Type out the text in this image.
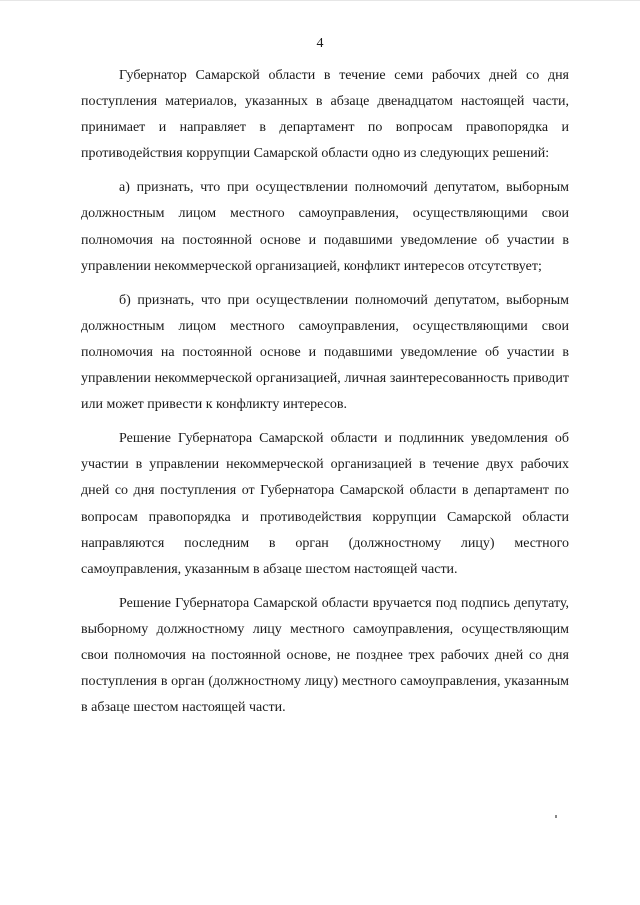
4

Губернатор Самарской области в течение семи рабочих дней со дня поступления материалов, указанных в абзаце двенадцатом настоящей части, принимает и направляет в департамент по вопросам правопорядка и противодействия коррупции Самарской области одно из следующих решений:

а) признать, что при осуществлении полномочий депутатом, выборным должностным лицом местного самоуправления, осуществляющими свои полномочия на постоянной основе и подавшими уведомление об участии в управлении некоммерческой организацией, конфликт интересов отсутствует;

б) признать, что при осуществлении полномочий депутатом, выборным должностным лицом местного самоуправления, осуществляющими свои полномочия на постоянной основе и подавшими уведомление об участии в управлении некоммерческой организацией, личная заинтересованность приводит или может привести к конфликту интересов.

Решение Губернатора Самарской области и подлинник уведомления об участии в управлении некоммерческой организацией в течение двух рабочих дней со дня поступления от Губернатора Самарской области в департамент по вопросам правопорядка и противодействия коррупции Самарской области направляются последним в орган (должностному лицу) местного самоуправления, указанным в абзаце шестом настоящей части.

Решение Губернатора Самарской области вручается под подпись депутату, выборному должностному лицу местного самоуправления, осуществляющим свои полномочия на постоянной основе, не позднее трех рабочих дней со дня поступления в орган (должностному лицу) местного самоуправления, указанным в абзаце шестом настоящей части.
